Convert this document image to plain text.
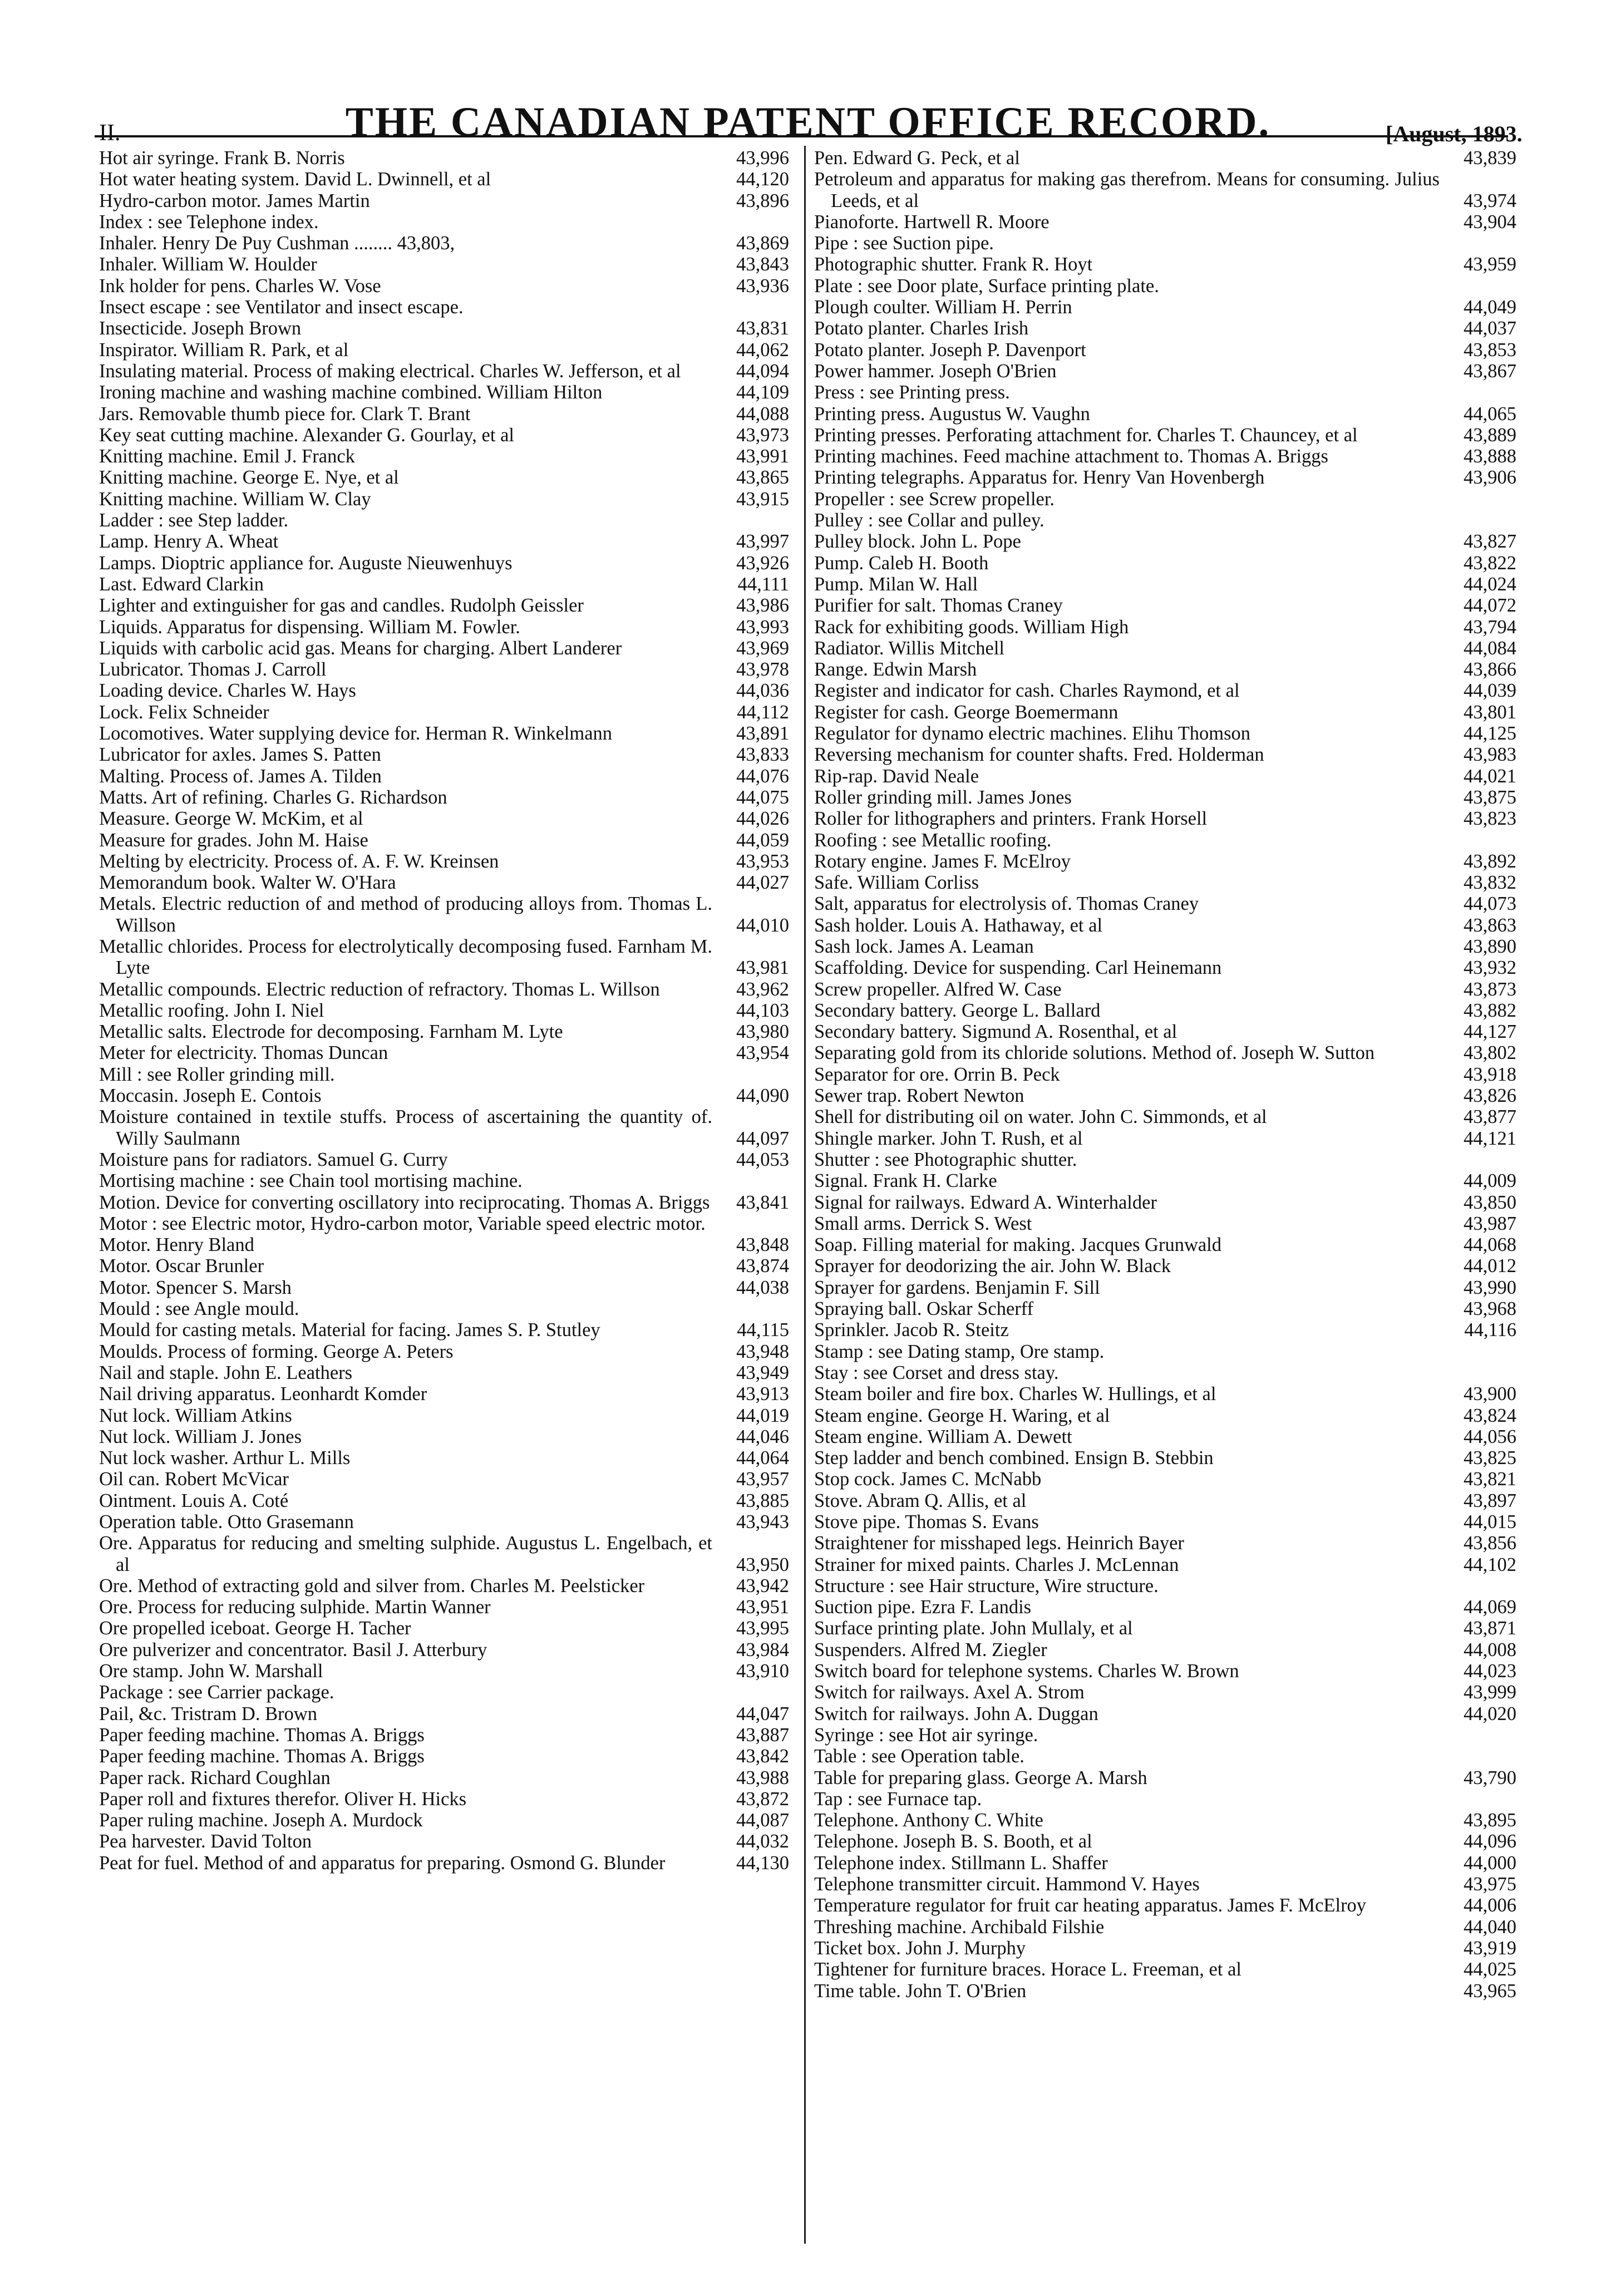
II.	THE CANADIAN PATENT OFFICE RECORD.	[August, 1893.
Hot air syringe. Frank B. Norris	43,996
Hot water heating system. David L. Dwinnell, et al	44,120
Hydro-carbon motor. James Martin	43,896
Index : see Telephone index.
Inhaler. Henry De Puy Cushman ........ 43,803,	43,869
Inhaler. William W. Houlder	43,843
Ink holder for pens. Charles W. Vose	43,936
Insect escape : see Ventilator and insect escape.
Insecticide. Joseph Brown	43,831
Inspirator. William R. Park, et al	44,062
Insulating material. Process of making electrical. Charles W. Jefferson, et al	44,094
Ironing machine and washing machine combined. William Hilton	44,109
Jars. Removable thumb piece for. Clark T. Brant	44,088
Key seat cutting machine. Alexander G. Gourlay, et al	43,973
Knitting machine. Emil J. Franck	43,991
Knitting machine. George E. Nye, et al	43,865
Knitting machine. William W. Clay	43,915
Ladder : see Step ladder.
Lamp. Henry A. Wheat	43,997
Lamps. Dioptric appliance for. Auguste Nieuwenhuys	43,926
Last. Edward Clarkin	44,111
Lighter and extinguisher for gas and candles. Rudolph Geissler	43,986
Liquids. Apparatus for dispensing. William M. Fowler.	43,993
Liquids with carbolic acid gas. Means for charging. Albert Landerer	43,969
Lubricator. Thomas J. Carroll	43,978
Loading device. Charles W. Hays	44,036
Lock. Felix Schneider	44,112
Locomotives. Water supplying device for. Herman R. Winkelmann	43,891
Lubricator for axles. James S. Patten	43,833
Malting. Process of. James A. Tilden	44,076
Matts. Art of refining. Charles G. Richardson	44,075
Measure. George W. McKim, et al	44,026
Measure for grades. John M. Haise	44,059
Melting by electricity. Process of. A. F. W. Kreinsen	43,953
Memorandum book. Walter W. O'Hara	44,027
Metals. Electric reduction of and method of producing alloys from. Thomas L. Willson	44,010
Metallic chlorides. Process for electrolytically decomposing fused. Farnham M. Lyte	43,981
Metallic compounds. Electric reduction of refractory. Thomas L. Willson	43,962
Metallic roofing. John I. Niel	44,103
Metallic salts. Electrode for decomposing. Farnham M. Lyte	43,980
Meter for electricity. Thomas Duncan	43,954
Mill : see Roller grinding mill.
Moccasin. Joseph E. Contois	44,090
Moisture contained in textile stuffs. Process of ascertaining the quantity of. Willy Saulmann	44,097
Moisture pans for radiators. Samuel G. Curry	44,053
Mortising machine : see Chain tool mortising machine.
Motion. Device for converting oscillatory into reciprocating. Thomas A. Briggs	43,841
Motor : see Electric motor, Hydro-carbon motor, Variable speed electric motor.
Motor. Henry Bland	43,848
Motor. Oscar Brunler	43,874
Motor. Spencer S. Marsh	44,038
Mould : see Angle mould.
Mould for casting metals. Material for facing. James S. P. Stutley	44,115
Moulds. Process of forming. George A. Peters	43,948
Nail and staple. John E. Leathers	43,949
Nail driving apparatus. Leonhardt Komder	43,913
Nut lock. William Atkins	44,019
Nut lock. William J. Jones	44,046
Nut lock washer. Arthur L. Mills	44,064
Oil can. Robert McVicar	43,957
Ointment. Louis A. Coté	43,885
Operation table. Otto Grasemann	43,943
Ore. Apparatus for reducing and smelting sulphide. Augustus L. Engelbach, et al	43,950
Ore. Method of extracting gold and silver from. Charles M. Peelsticker	43,942
Ore. Process for reducing sulphide. Martin Wanner	43,951
Ore propelled iceboat. George H. Tacher	43,995
Ore pulverizer and concentrator. Basil J. Atterbury	43,984
Ore stamp. John W. Marshall	43,910
Package : see Carrier package.
Pail, &c. Tristram D. Brown	44,047
Paper feeding machine. Thomas A. Briggs	43,887
Paper feeding machine. Thomas A. Briggs	43,842
Paper rack. Richard Coughlan	43,988
Paper roll and fixtures therefor. Oliver H. Hicks	43,872
Paper ruling machine. Joseph A. Murdock	44,087
Pea harvester. David Tolton	44,032
Peat for fuel. Method of and apparatus for preparing. Osmond G. Blunder	44,130
Pen. Edward G. Peck, et al	43,839
Petroleum and apparatus for making gas therefrom. Means for consuming. Julius Leeds, et al	43,974
Pianoforte. Hartwell R. Moore	43,904
Pipe : see Suction pipe.
Photographic shutter. Frank R. Hoyt	43,959
Plate : see Door plate, Surface printing plate.
Plough coulter. William H. Perrin	44,049
Potato planter. Charles Irish	44,037
Potato planter. Joseph P. Davenport	43,853
Power hammer. Joseph O'Brien	43,867
Press : see Printing press.
Printing press. Augustus W. Vaughn	44,065
Printing presses. Perforating attachment for. Charles T. Chauncey, et al	43,889
Printing machines. Feed machine attachment to. Thomas A. Briggs	43,888
Printing telegraphs. Apparatus for. Henry Van Hovenbergh	43,906
Propeller : see Screw propeller.
Pulley : see Collar and pulley.
Pulley block. John L. Pope	43,827
Pump. Caleb H. Booth	43,822
Pump. Milan W. Hall	44,024
Purifier for salt. Thomas Craney	44,072
Rack for exhibiting goods. William High	43,794
Radiator. Willis Mitchell	44,084
Range. Edwin Marsh	43,866
Register and indicator for cash. Charles Raymond, et al	44,039
Register for cash. George Boemermann	43,801
Regulator for dynamo electric machines. Elihu Thomson	44,125
Reversing mechanism for counter shafts. Fred. Holderman	43,983
Rip-rap. David Neale	44,021
Roller grinding mill. James Jones	43,875
Roller for lithographers and printers. Frank Horsell	43,823
Roofing : see Metallic roofing.
Rotary engine. James F. McElroy	43,892
Safe. William Corliss	43,832
Salt, apparatus for electrolysis of. Thomas Craney	44,073
Sash holder. Louis A. Hathaway, et al	43,863
Sash lock. James A. Leaman	43,890
Scaffolding. Device for suspending. Carl Heinemann	43,932
Screw propeller. Alfred W. Case	43,873
Secondary battery. George L. Ballard	43,882
Secondary battery. Sigmund A. Rosenthal, et al	44,127
Separating gold from its chloride solutions. Method of. Joseph W. Sutton	43,802
Separator for ore. Orrin B. Peck	43,918
Sewer trap. Robert Newton	43,826
Shell for distributing oil on water. John C. Simmonds, et al	43,877
Shingle marker. John T. Rush, et al	44,121
Shutter : see Photographic shutter.
Signal. Frank H. Clarke	44,009
Signal for railways. Edward A. Winterhalder	43,850
Small arms. Derrick S. West	43,987
Soap. Filling material for making. Jacques Grunwald	44,068
Sprayer for deodorizing the air. John W. Black	44,012
Sprayer for gardens. Benjamin F. Sill	43,990
Spraying ball. Oskar Scherff	43,968
Sprinkler. Jacob R. Steitz	44,116
Stamp : see Dating stamp, Ore stamp.
Stay : see Corset and dress stay.
Steam boiler and fire box. Charles W. Hullings, et al	43,900
Steam engine. George H. Waring, et al	43,824
Steam engine. William A. Dewett	44,056
Step ladder and bench combined. Ensign B. Stebbin	43,825
Stop cock. James C. McNabb	43,821
Stove. Abram Q. Allis, et al	43,897
Stove pipe. Thomas S. Evans	44,015
Straightener for misshaped legs. Heinrich Bayer	43,856
Strainer for mixed paints. Charles J. McLennan	44,102
Structure : see Hair structure, Wire structure.
Suction pipe. Ezra F. Landis	44,069
Surface printing plate. John Mullaly, et al	43,871
Suspenders. Alfred M. Ziegler	44,008
Switch board for telephone systems. Charles W. Brown	44,023
Switch for railways. Axel A. Strom	43,999
Switch for railways. John A. Duggan	44,020
Syringe : see Hot air syringe.
Table : see Operation table.
Table for preparing glass. George A. Marsh	43,790
Tap : see Furnace tap.
Telephone. Anthony C. White	43,895
Telephone. Joseph B. S. Booth, et al	44,096
Telephone index. Stillmann L. Shaffer	44,000
Telephone transmitter circuit. Hammond V. Hayes	43,975
Temperature regulator for fruit car heating apparatus. James F. McElroy	44,006
Threshing machine. Archibald Filshie	44,040
Ticket box. John J. Murphy	43,919
Tightener for furniture braces. Horace L. Freeman, et al	44,025
Time table. John T. O'Brien	43,965
